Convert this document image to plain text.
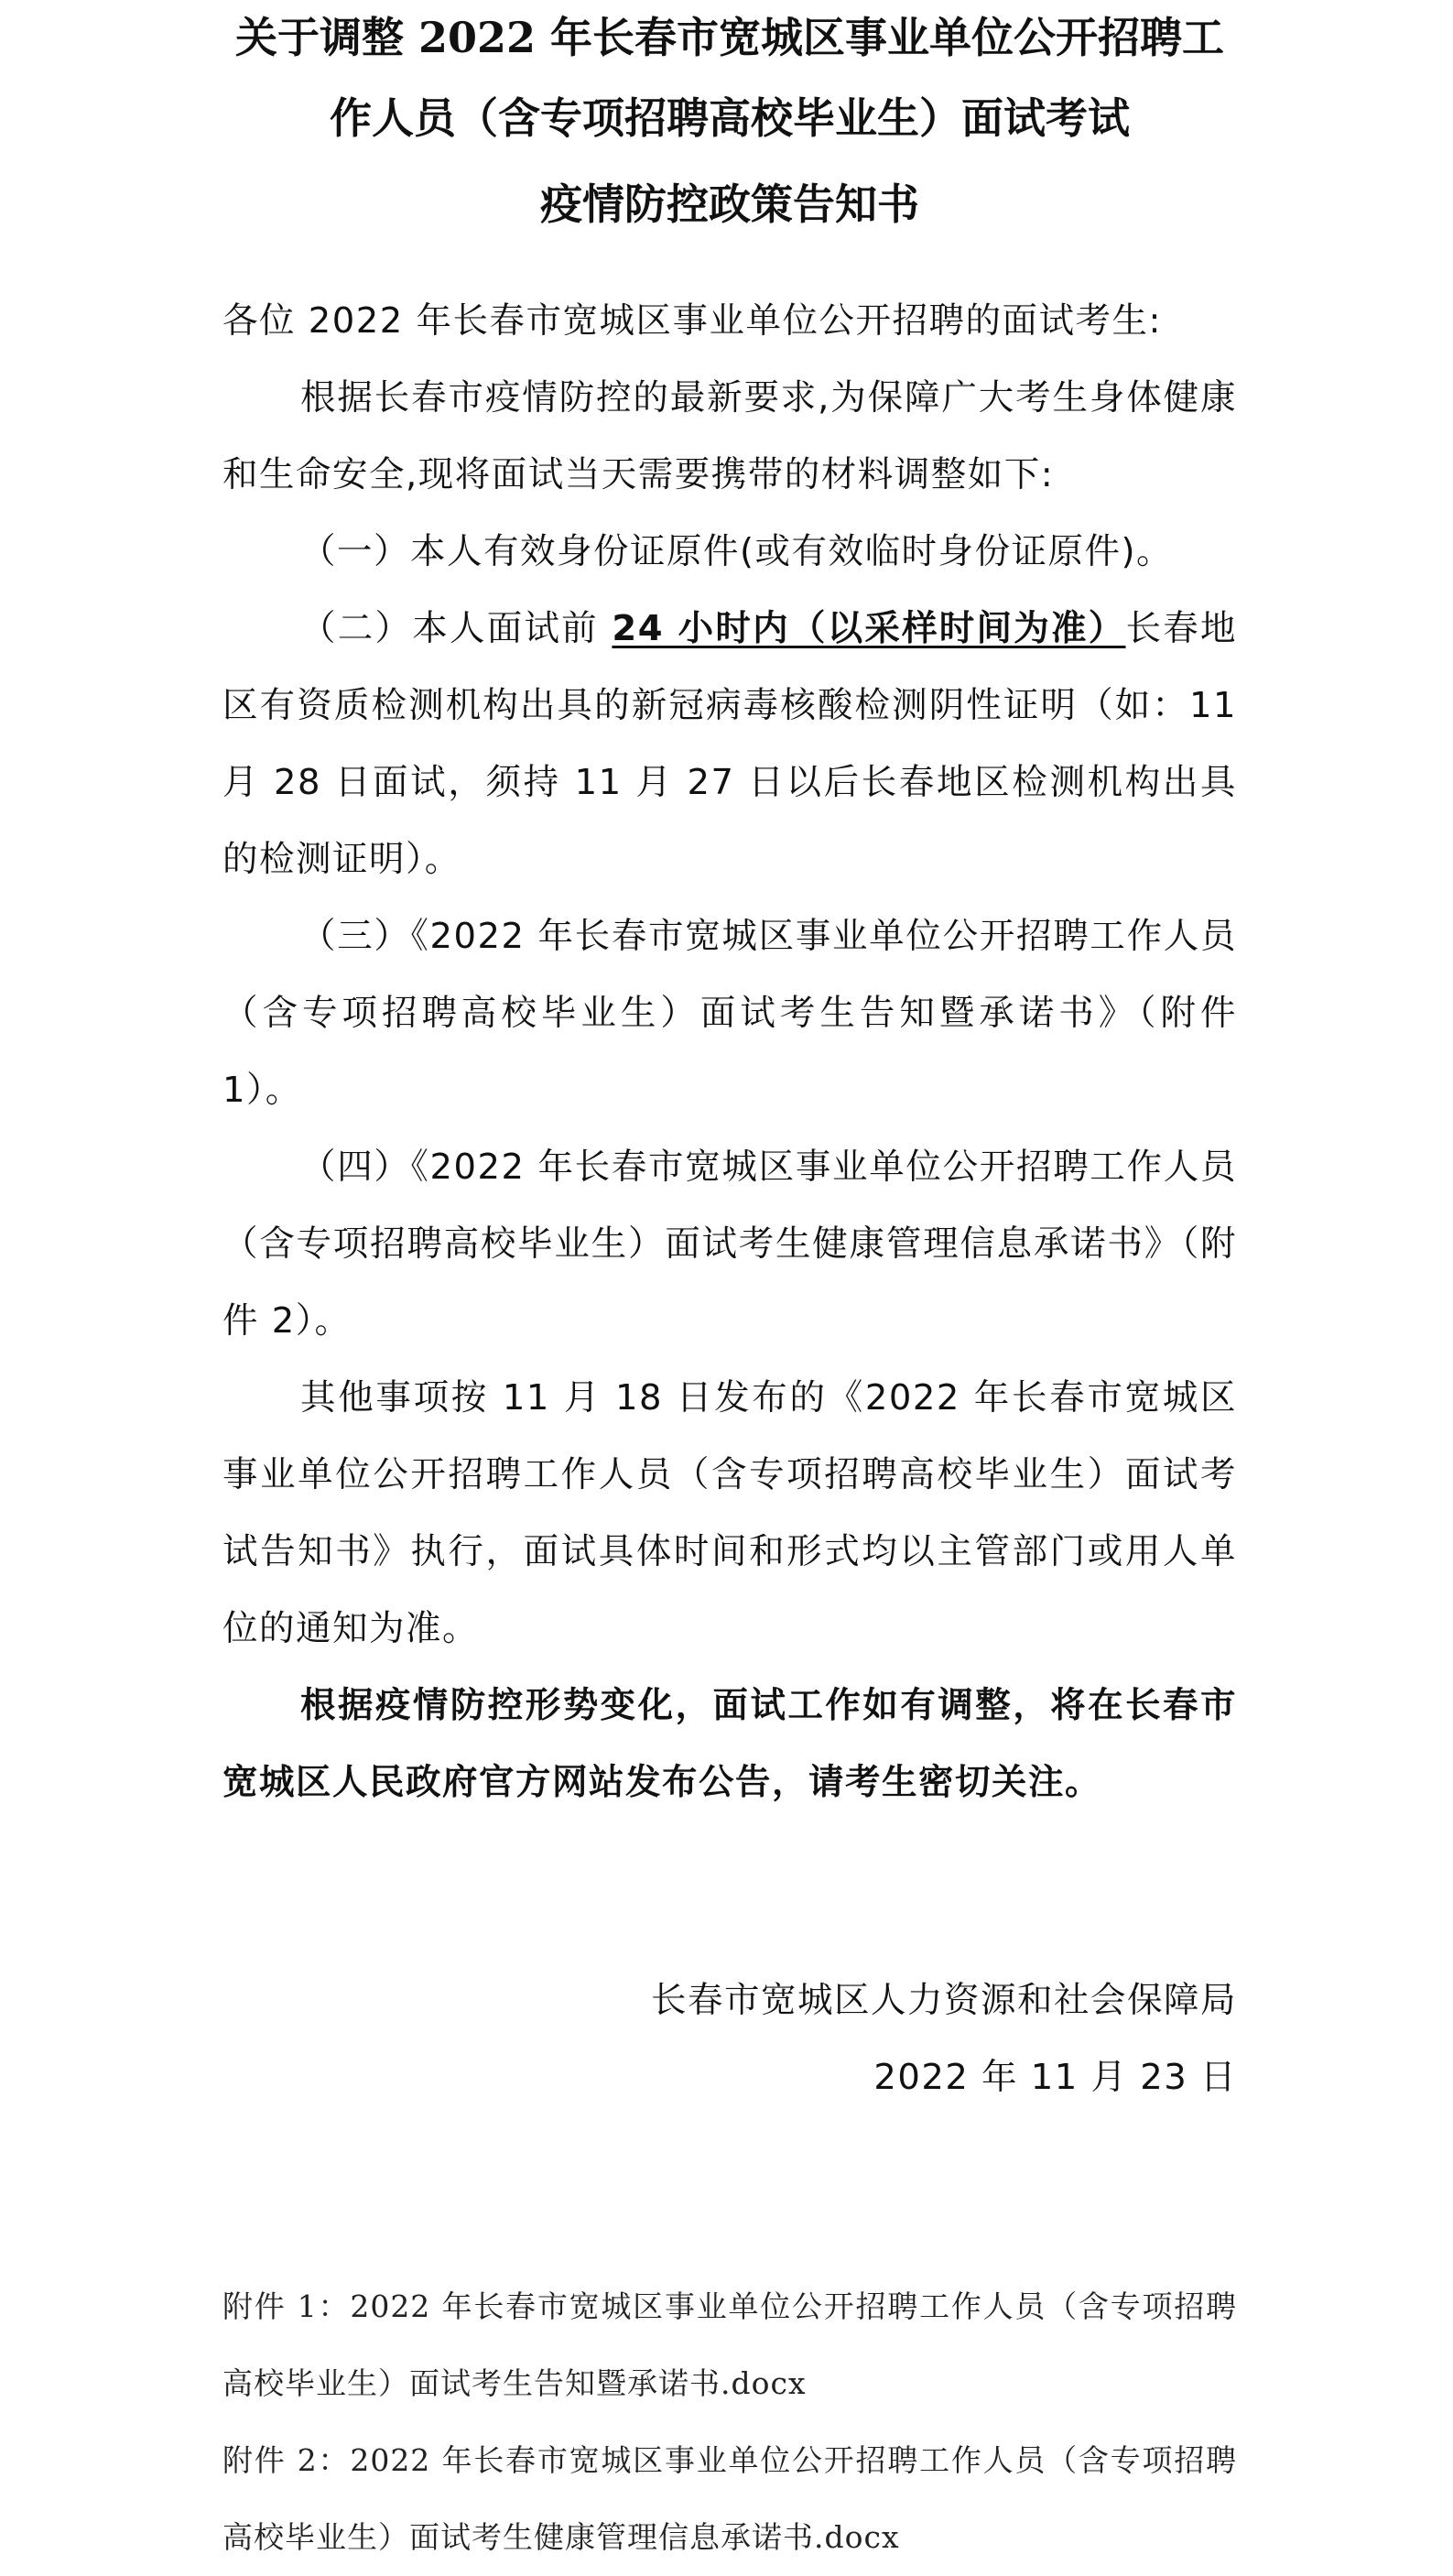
关于调整 2022 年长春市宽城区事业单位公开招聘工
作人员（含专项招聘高校毕业生）面试考试
疫情防控政策告知书

各位 2022 年长春市宽城区事业单位公开招聘的面试考生:

根据长春市疫情防控的最新要求,为保障广大考生身体健康和生命安全,现将面试当天需要携带的材料调整如下:

（一）本人有效身份证原件(或有效临时身份证原件)。

（二）本人面试前 24 小时内（以采样时间为准）长春地区有资质检测机构出具的新冠病毒核酸检测阴性证明（如：11 月 28 日面试，须持 11 月 27 日以后长春地区检测机构出具的检测证明）。

（三）《2022 年长春市宽城区事业单位公开招聘工作人员（含专项招聘高校毕业生）面试考生告知暨承诺书》（附件 1）。

（四）《2022 年长春市宽城区事业单位公开招聘工作人员（含专项招聘高校毕业生）面试考生健康管理信息承诺书》（附件 2）。

其他事项按 11 月 18 日发布的《2022 年长春市宽城区事业单位公开招聘工作人员（含专项招聘高校毕业生）面试考试告知书》执行，面试具体时间和形式均以主管部门或用人单位的通知为准。

根据疫情防控形势变化，面试工作如有调整，将在长春市宽城区人民政府官方网站发布公告，请考生密切关注。

长春市宽城区人力资源和社会保障局

2022 年 11 月 23 日

附件 1：2022 年长春市宽城区事业单位公开招聘工作人员（含专项招聘高校毕业生）面试考生告知暨承诺书.docx

附件 2：2022 年长春市宽城区事业单位公开招聘工作人员（含专项招聘高校毕业生）面试考生健康管理信息承诺书.docx
